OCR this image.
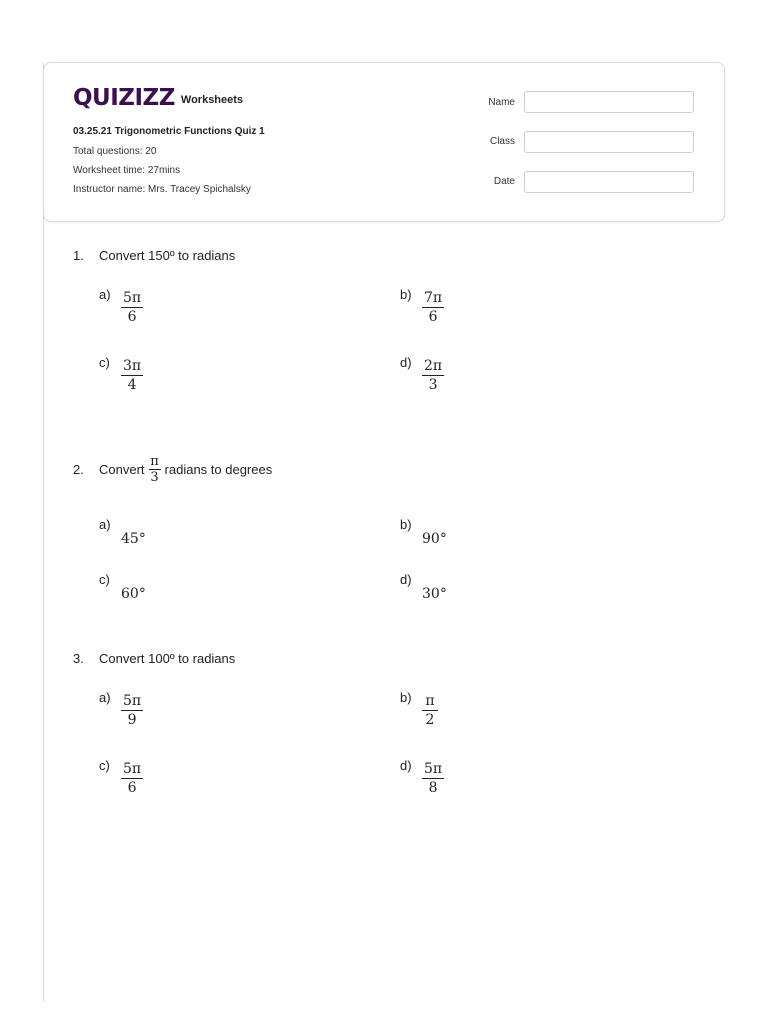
QUIZIZZ Worksheets
03.25.21 Trigonometric Functions Quiz 1
Total questions: 20
Worksheet time: 27mins
Instructor name: Mrs. Tracey Spichalsky
Name
Class
Date
1.	Convert 150º to radians
$a) \frac{5\pi}{6}$	$b) \frac{7\pi}{6}$
$c) \frac{3\pi}{4}$	$d) \frac{2\pi}{3}$
2.	Convert $\frac{\pi}{3}$ radians to degrees
a)
45°
b)
90°
c)
60°
d)
30°
3.	Convert 100º to radians
$a) \frac{5\pi}{9}$	$b) \frac{\pi}{2}$
$c) \frac{5\pi}{6}$	$d) \frac{5\pi}{8}$
